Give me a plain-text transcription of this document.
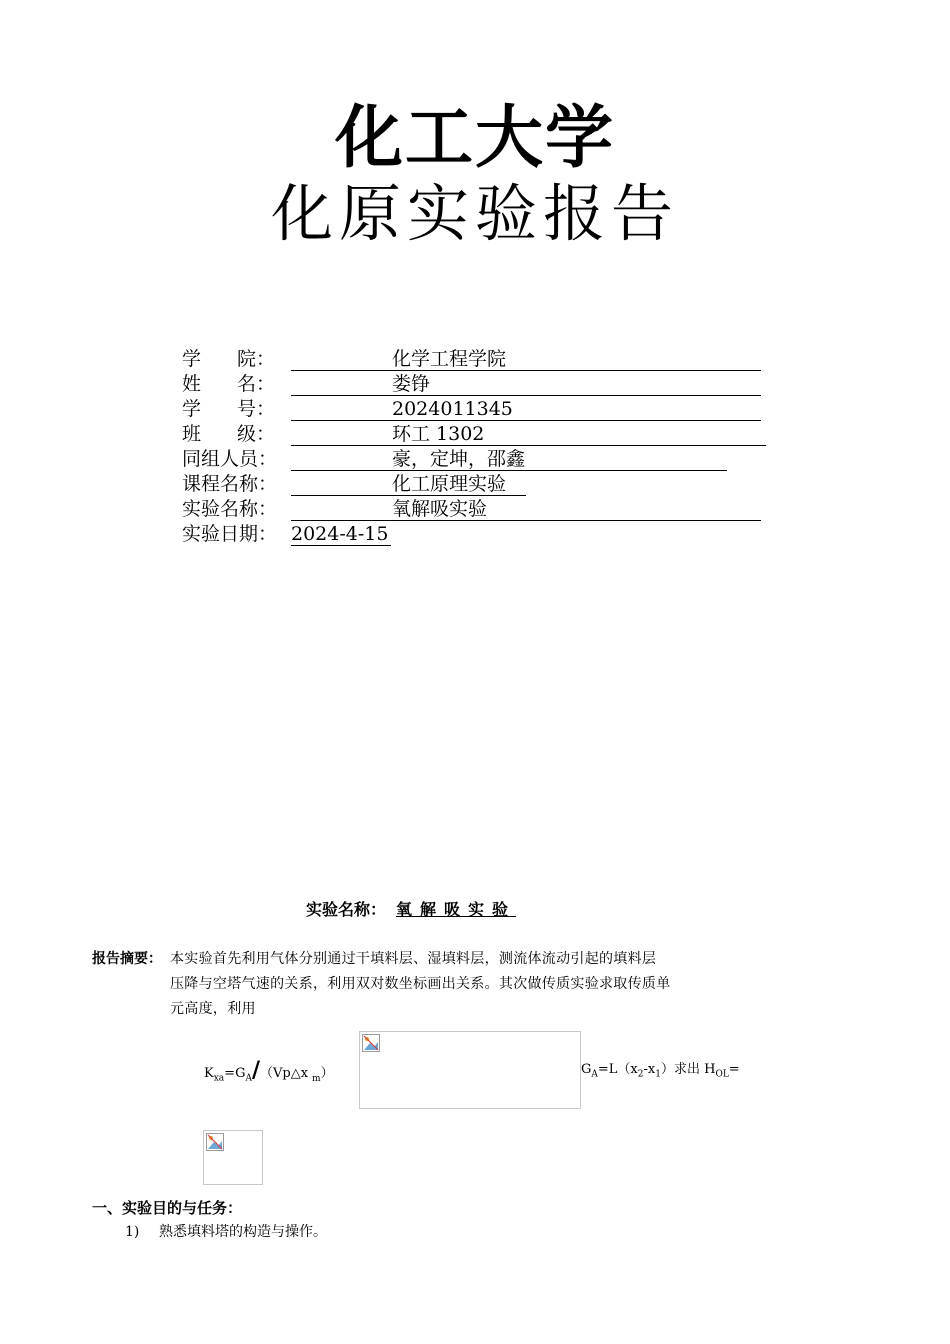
化工大学
化原实验报告
学 院：	化学工程学院
姓 名：	娄铮
学 号：	2024011345
班 级：	环工 1302
同组人员：	豪，定坤，邵鑫
课程名称：	化工原理实验
实验名称：	氧解吸实验
实验日期： 2024-4-15
实验名称： 氧解吸实验
报告摘要： 本实验首先利用气体分别通过干填料层、湿填料层，测流体流动引起的填料层
压降与空塔气速的关系，利用双对数坐标画出关系。其次做传质实验求取传质单
元高度，利用
$K_{xa}=G_A/(Vp\triangle x$ $_m$）	$G_A=L(x_2-x_1)$求出 $H_{OL}=$
一、实验目的与任务：
1) 熟悉填料塔的构造与操作。
